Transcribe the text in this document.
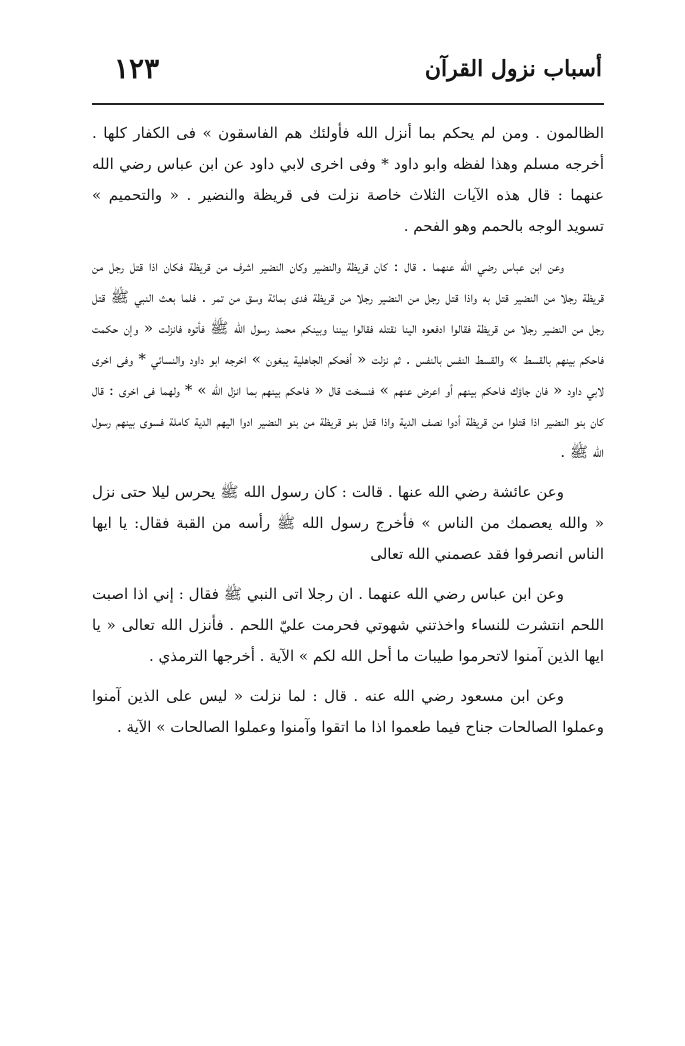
أسباب نزول القرآن
١٢٣

الظالمون . ومن لم يحكم بما أنزل الله فأولئك هم الفاسقون » فى الكفار كلها . أخرجه مسلم وهذا لفظه وابو داود * وفى اخرى لابي داود عن ابن عباس رضي الله عنهما : قال هذه الآيات الثلاث خاصة نزلت فى قريظة والنضير . « والتحميم » تسويد الوجه بالحمم وهو الفحم .

وعن ابن عباس رضي الله عنهما . قال : كان قريظة والنضير وكان النضير اشرف من قريظة فكان اذا قتل رجل من قريظة رجلا من النضير قتل به واذا قتل رجل من النضير رجلا من قريظة فدى بمائة وسق من تمر . فلما بعث النبي ﷺ قتل رجل من النضير رجلا من قريظة فقالوا ادفعوه الينا نقتله فقالوا بيننا وبينكم محمد رسول الله ﷺ فأتوه فانزلت « وإن حكمت فاحكم بينهم بالقسط » والقسط النفس بالنفس . ثم نزلت « أفحكم الجاهلية يبغون » اخرجه ابو داود والنسائي * وفى اخرى لابي داود « فان جاؤك فاحكم بينهم أو اعرض عنهم » فنسخت قال « فاحكم بينهم بما انزل الله » * ولهما فى اخرى : قال كان بنو النضير اذا قتلوا من قريظة أدوا نصف الدية واذا قتل بنو قريظة من بنو النضير ادوا اليهم الدية كاملة فسوى بينهم رسول الله ﷺ .

وعن عائشة رضي الله عنها . قالت : كان رسول الله ﷺ يحرس ليلا حتى نزل « والله يعصمك من الناس » فأخرج رسول الله ﷺ رأسه من القبة فقال: يا ايها الناس انصرفوا فقد عصمني الله تعالى

وعن ابن عباس رضي الله عنهما . ان رجلا اتى النبي ﷺ فقال : إني اذا اصبت اللحم انتشرت للنساء واخذتني شهوتي فحرمت عليّ اللحم . فأنزل الله تعالى « يا ايها الذين آمنوا لاتحرموا طيبات ما أحل الله لكم » الآية . أخرجها الترمذي .

وعن ابن مسعود رضي الله عنه . قال : لما نزلت « ليس على الذين آمنوا وعملوا الصالحات جناح فيما طعموا اذا ما اتقوا وآمنوا وعملوا الصالحات » الآية .
